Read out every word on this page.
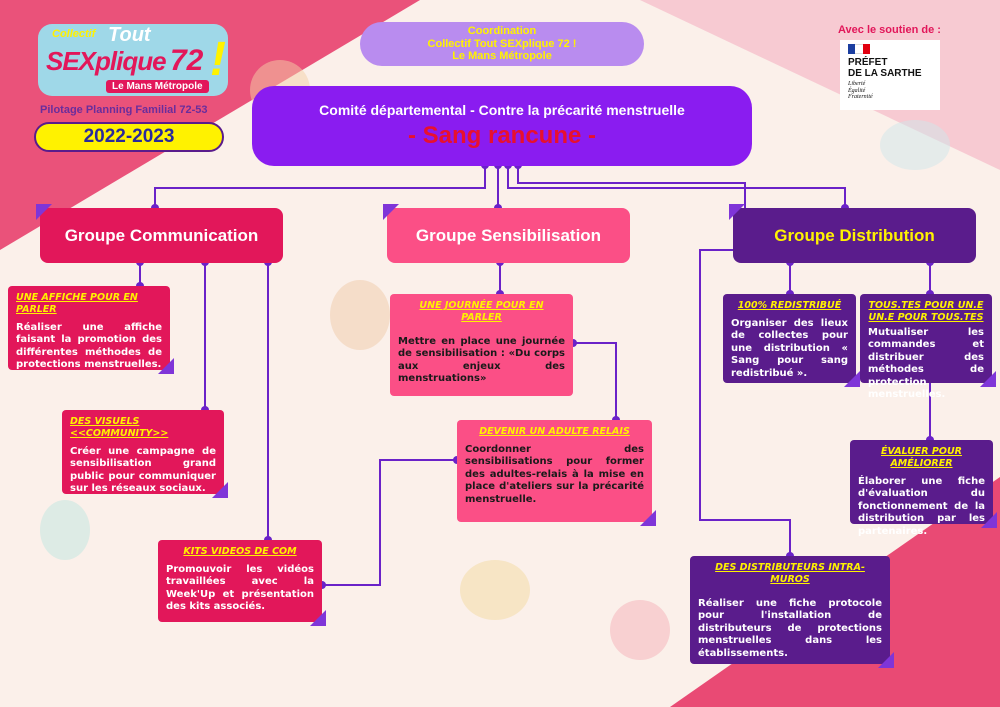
Collectif Tout
SEXplique 72 !
Le Mans Métropole
Pilotage Planning Familial 72-53
2022-2023
Coordination
Collectif Tout SEXplique 72 !
Le Mans Métropole
Avec le soutien de :
PRÉFET
DE LA SARTHE
Liberté
Égalité
Fraternité
Comité départemental - Contre la précarité menstruelle
- Sang rancune -
Groupe Communication	Groupe Sensibilisation	Groupe Distribution
UNE AFFICHE POUR EN PARLER
Réaliser une affiche faisant la promotion des différentes méthodes de protections menstruelles.
DES VISUELS <<COMMUNITY>>
Créer une campagne de sensibilisation grand public pour communiquer sur les réseaux sociaux.
KITS VIDEOS DE COM
Promouvoir les vidéos travaillées avec la Week'Up et présentation des kits associés.
UNE JOURNÉE POUR EN PARLER
Mettre en place une journée de sensibilisation : «Du corps aux enjeux des menstruations»
DEVENIR UN ADULTE RELAIS
Coordonner des sensibilisations pour former des adultes-relais à la mise en place d'ateliers sur la précarité menstruelle.
100% REDISTRIBUÉ
Organiser des lieux de collectes pour une distribution « Sang pour sang redistribué ».
TOUS.TES POUR UN.E UN.E POUR TOUS.TES
Mutualiser les commandes et distribuer des méthodes de protection menstruelles.
ÉVALUER POUR AMÉLIORER
Élaborer une fiche d'évaluation du fonctionnement de la distribution par les partenaires.
DES DISTRIBUTEURS INTRA-MUROS
Réaliser une fiche protocole pour l'installation de distributeurs de protections menstruelles dans les établissements.
